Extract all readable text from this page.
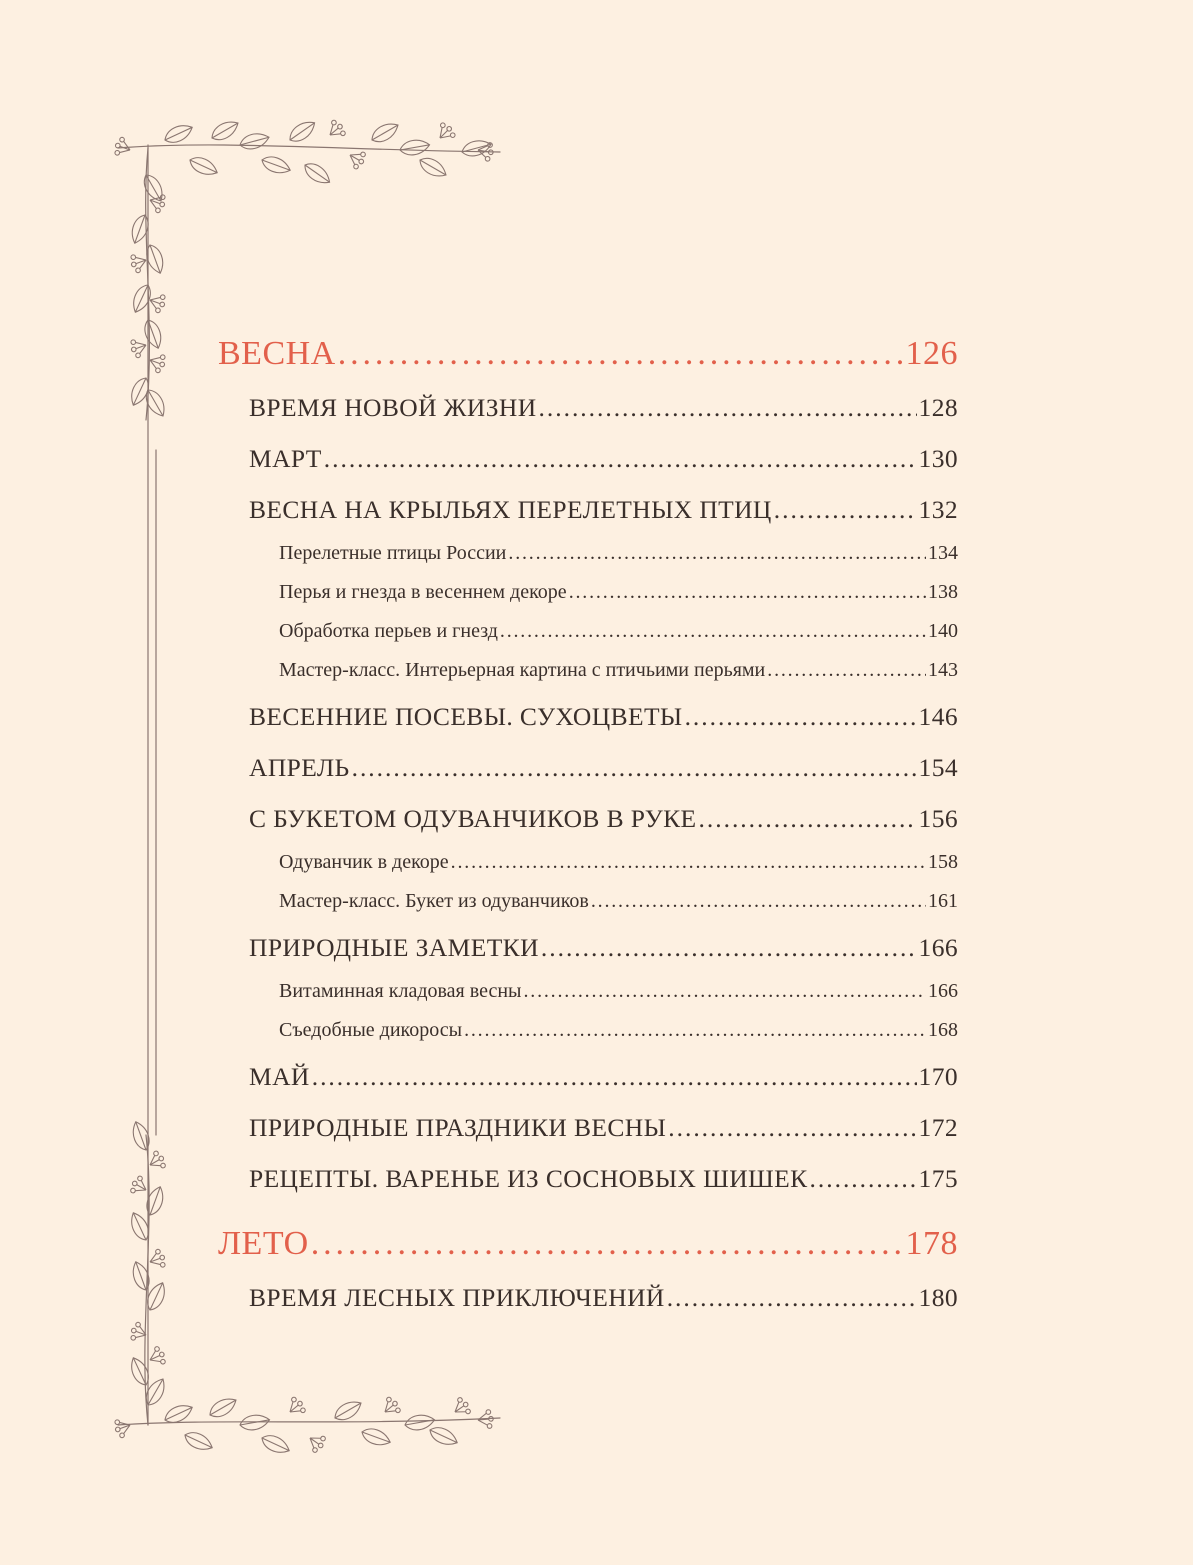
ВЕСНА . . .	126
ВРЕМЯ НОВОЙ ЖИЗНИ . . .	128
МАРТ . . .	130
ВЕСНА НА КРЫЛЬЯХ ПЕРЕЛЕТНЫХ ПТИЦ . . .	132
Перелетные птицы России . . .	134
Перья и гнезда в весеннем декоре . . .	138
Обработка перьев и гнезд . . .	140
Мастер-класс. Интерьерная картина с птичьими перьями . . .	143
ВЕСЕННИЕ ПОСЕВЫ. СУХОЦВЕТЫ . . .	146
АПРЕЛЬ . . .	154
С БУКЕТОМ ОДУВАНЧИКОВ В РУКЕ . . .	156
Одуванчик в декоре . . .	158
Мастер-класс. Букет из одуванчиков . . .	161
ПРИРОДНЫЕ ЗАМЕТКИ . . .	166
Витаминная кладовая весны . . .	166
Съедобные дикоросы . . .	168
МАЙ . . .	170
ПРИРОДНЫЕ ПРАЗДНИКИ ВЕСНЫ . . .	172
РЕЦЕПТЫ. ВАРЕНЬЕ ИЗ СОСНОВЫХ ШИШЕК . . .	175
ЛЕТО . . .	178
ВРЕМЯ ЛЕСНЫХ ПРИКЛЮЧЕНИЙ . . .	180
